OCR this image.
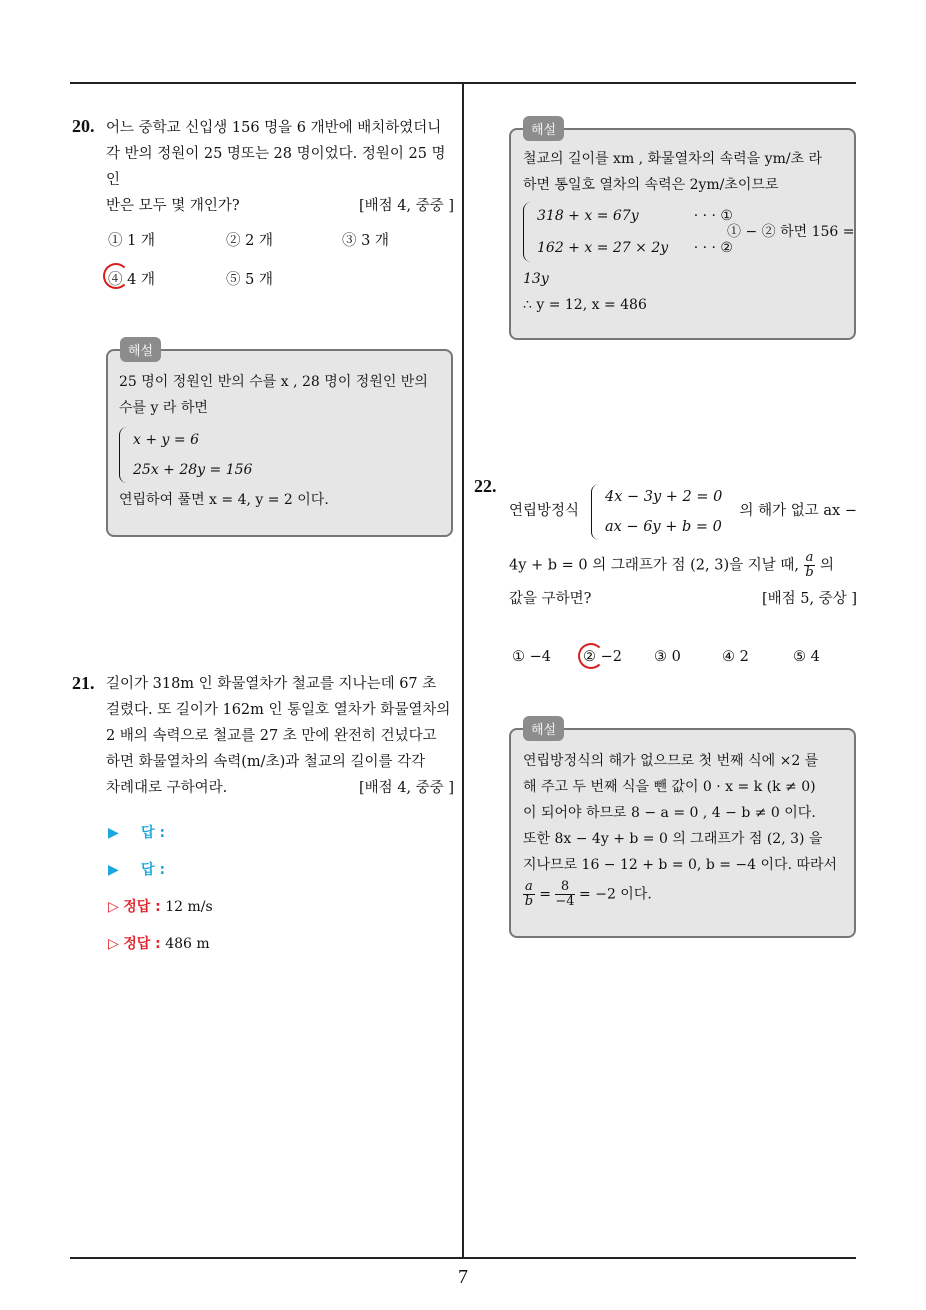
20. 어느 중학교 신입생 156 명을 6 개반에 배치하였더니

각 반의 정원이 25 명또는 28 명이었다. 정원이 25 명인

반은 모두 몇 개인가?	[배점 4, 중중 ]

① 1 개	② 2 개	③ 3 개
④ 4 개	⑤ 5 개
해설

25 명이 정원인 반의 수를 x , 28 명이 정원인 반의

수를 y 라 하면

x + y = 6

25x + 28y = 156

연립하여 풀면 x = 4, y = 2 이다.

21. 길이가 318m 인 화물열차가 철교를 지나는데 67 초

걸렸다. 또 길이가 162m 인 통일호 열차가 화물열차의

2 배의 속력으로 철교를 27 초 만에 완전히 건넜다고

하면 화물열차의 속력(m/초)과 철교의 길이를 각각

차례대로 구하여라.	[배점 4, 중중 ]

▶ 답 :
▶ 답 :
▷ 정답 : 12 m/s
▷ 정답 : 486 m
해설

철교의 길이를 xm , 화물열차의 속력을 ym/초 라

하면 통일호 열차의 속력은 2ym/초이므로

318 + x = 67y	· · · ①

162 + x = 27 × 2y · · · ②

① − ② 하면 156 =

13y

∴ y = 12, x = 486

22.
연립방정식

4x − 3y + 2 = 0

ax − 6y + b = 0

의 해가 없고 ax −
4y + b = 0 의 그래프가 점 (2, 3)을 지날 때, $\frac{a}{b}$ 의

값을 구하면?	[배점 5, 중상 ]

① −4 ② −2 ③ 0	④ 2	⑤ 4
해설

연립방정식의 해가 없으므로 첫 번째 식에 ×2 를

해 주고 두 번째 식을 뺀 값이 0 · x = k (k ≠ 0)

이 되어야 하므로 8 − a = 0 , 4 − b ≠ 0 이다.

또한 8x − 4y + b = 0 의 그래프가 점 (2, 3) 을

지나므로 16 − 12 + b = 0, b = −4 이다. 따라서

$\frac{a}{b} = \frac{8}{-4} = -2$ 이다.

7
